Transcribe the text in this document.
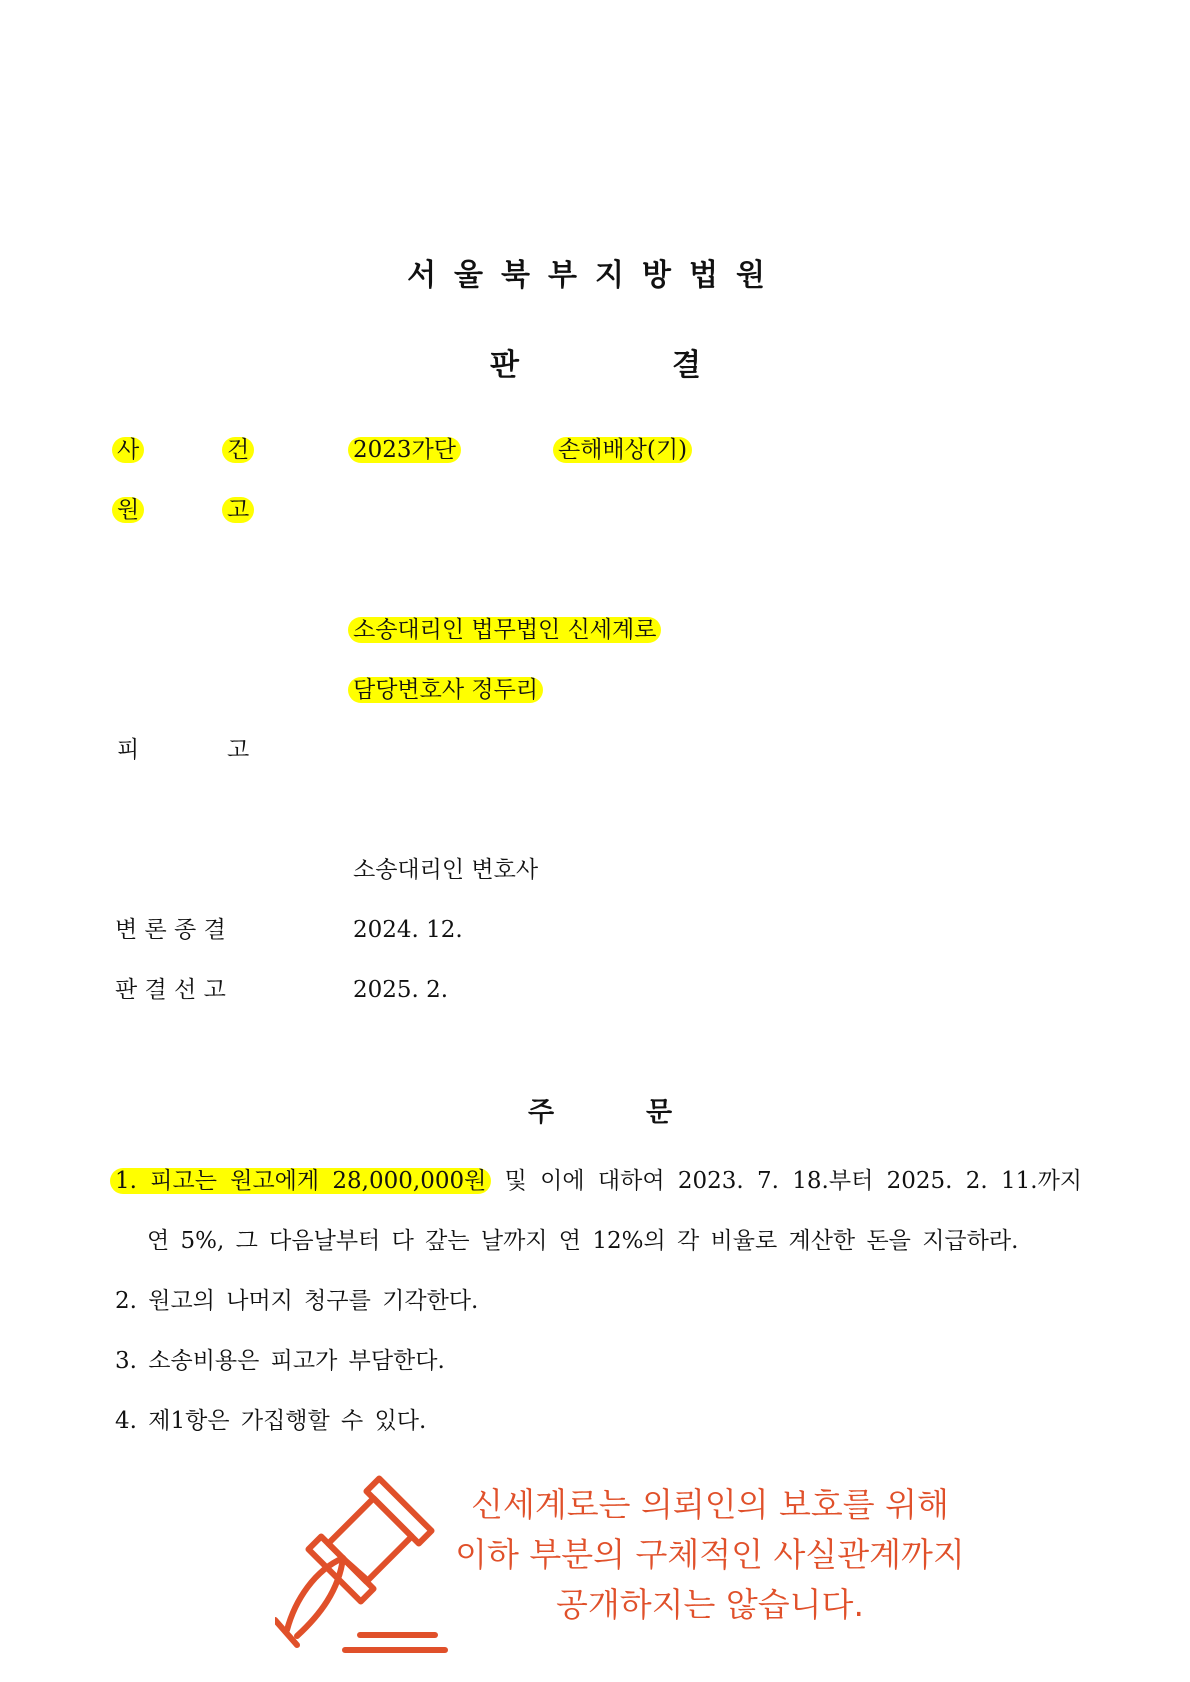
서울북부지방법원
판	결
사	건	2023가단	손해배상(기)
원	고
소송대리인 법무법인 신세계로
담당변호사 정두리
피	고
소송대리인 변호사
변 론 종 결	2024. 12.
판 결 선 고	2025. 2.
주	문
1. 피고는 원고에게 28,000,000원 및 이에 대하여 2023. 7. 18.부터 2025. 2. 11.까지
연 5%, 그 다음날부터 다 갚는 날까지 연 12%의 각 비율로 계산한 돈을 지급하라.
2. 원고의 나머지 청구를 기각한다.
3. 소송비용은 피고가 부담한다.
4. 제1항은 가집행할 수 있다.
신세계로는 의뢰인의 보호를 위해
이하 부분의 구체적인 사실관계까지
공개하지는 않습니다.
